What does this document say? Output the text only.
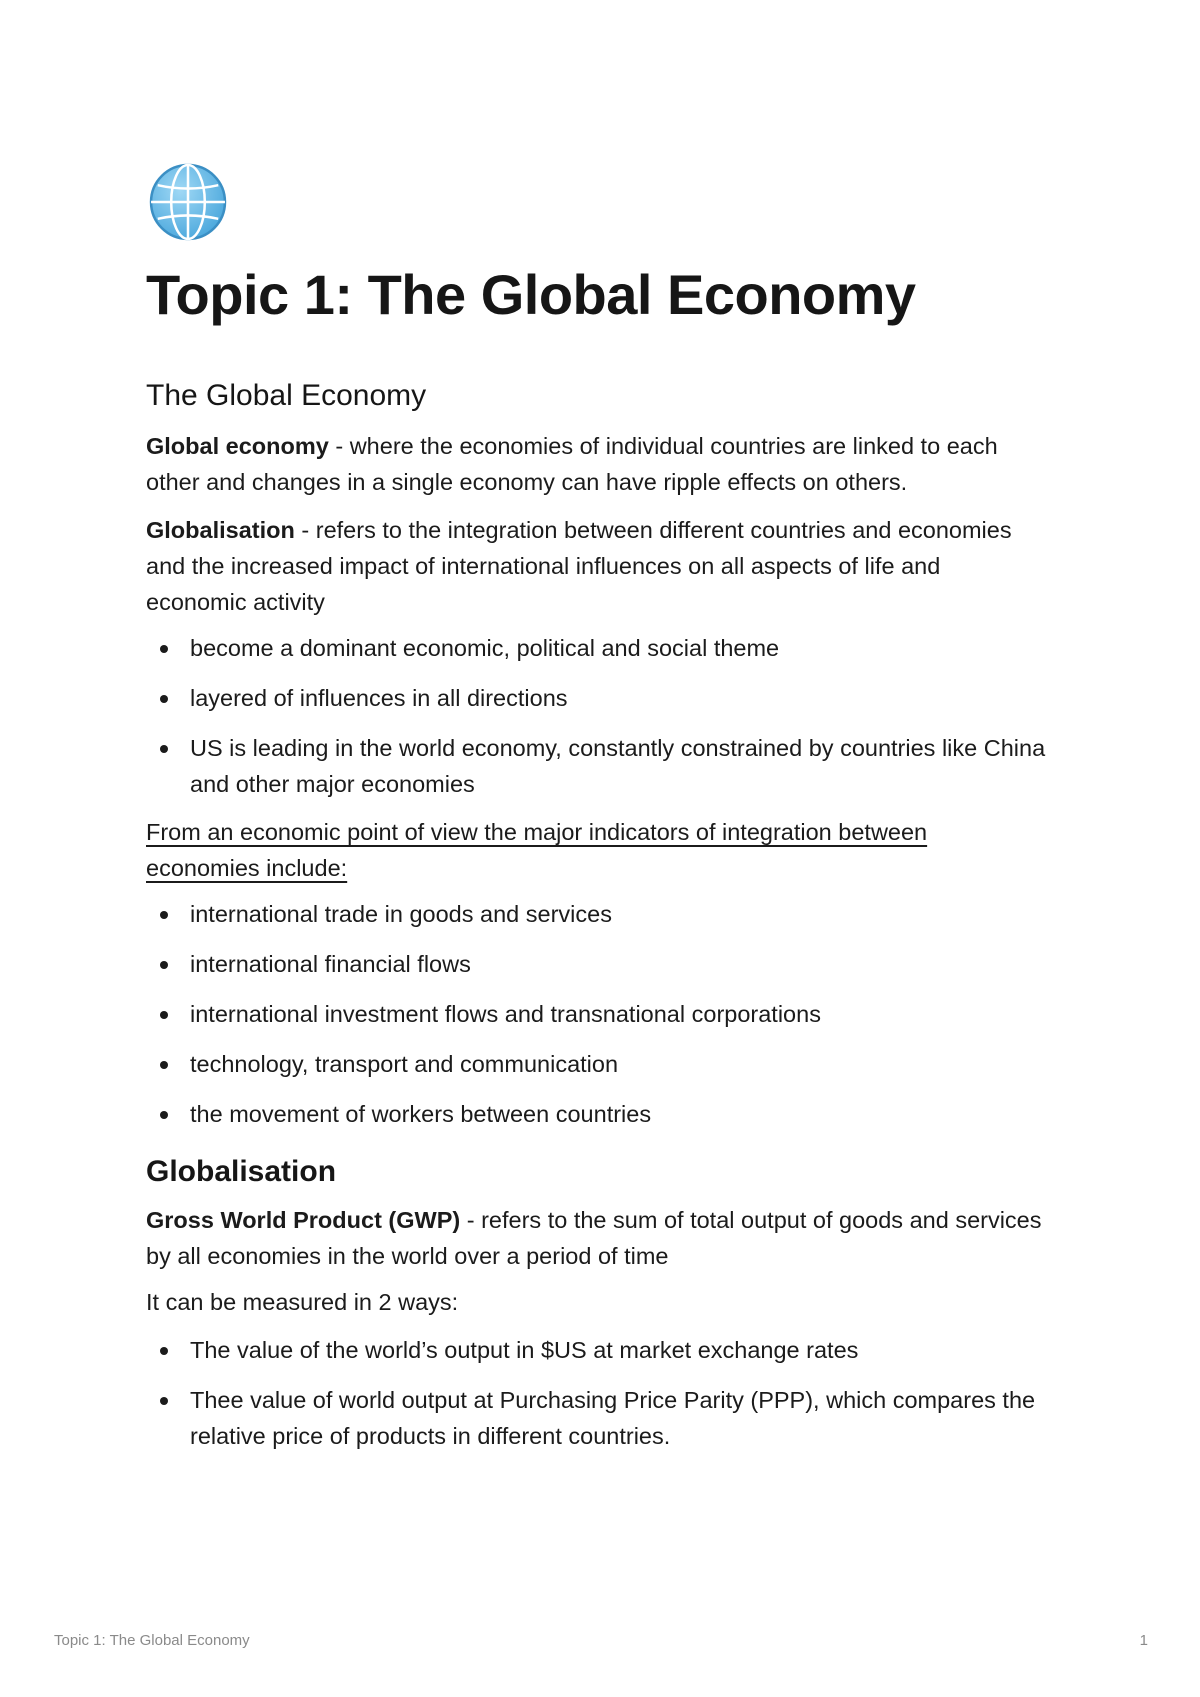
Topic 1: The Global Economy
The Global Economy

Global economy - where the economies of individual countries are linked to each other and changes in a single economy can have ripple effects on others.

Globalisation - refers to the integration between different countries and economies and the increased impact of international influences on all aspects of life and economic activity

become a dominant economic, political and social theme
layered of influences in all directions
US is leading in the world economy, constantly constrained by countries like China and other major economies

From an economic point of view the major indicators of integration between economies include:

international trade in goods and services
international financial flows
international investment flows and transnational corporations
technology, transport and communication
the movement of workers between countries
Globalisation

Gross World Product (GWP) - refers to the sum of total output of goods and services by all economies in the world over a period of time

It can be measured in 2 ways:

The value of the world’s output in $US at market exchange rates
Thee value of world output at Purchasing Price Parity (PPP), which compares the relative price of products in different countries.
Topic 1: The Global Economy	1
